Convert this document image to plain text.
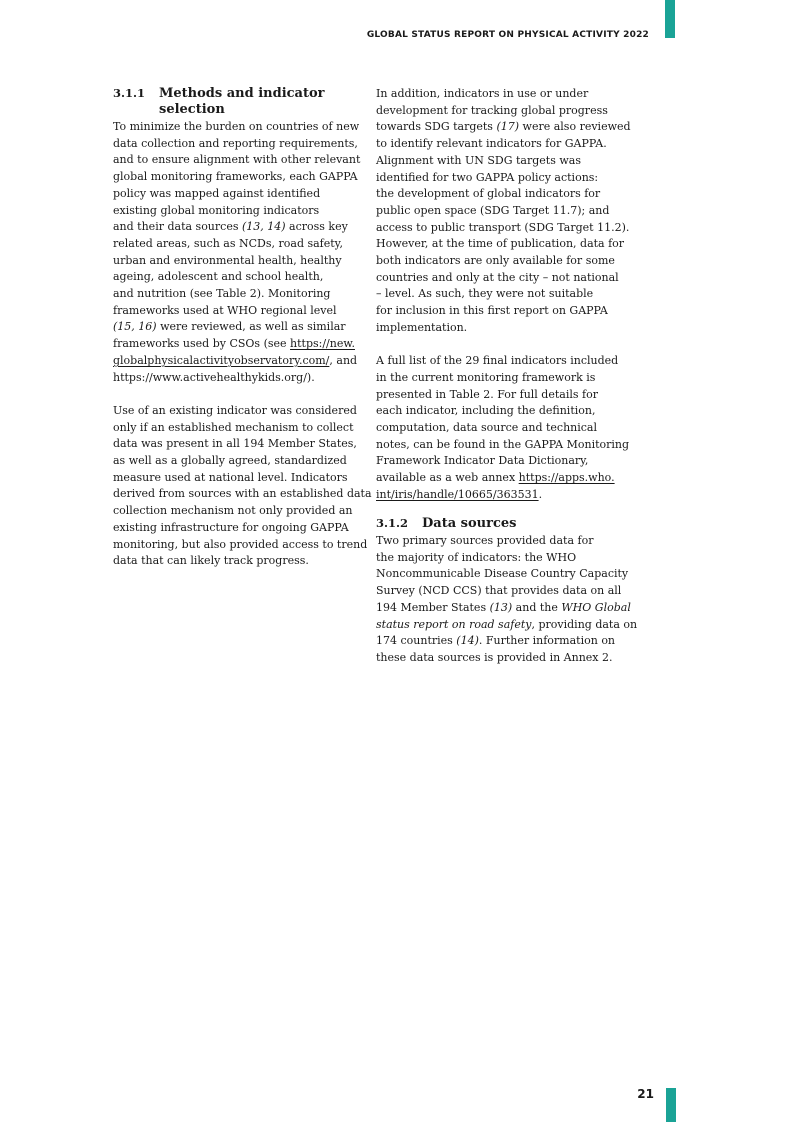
GLOBAL STATUS REPORT ON PHYSICAL ACTIVITY 2022
3.1.1	Methods and indicator
selection

To minimize the burden on countries of new
data collection and reporting requirements,
and to ensure alignment with other relevant
global monitoring frameworks, each GAPPA
policy was mapped against identified
existing global monitoring indicators
and their data sources (13, 14) across key
related areas, such as NCDs, road safety,
urban and environmental health, healthy
ageing, adolescent and school health,
and nutrition (see Table 2). Monitoring
frameworks used at WHO regional level
(15, 16) were reviewed, as well as similar
frameworks used by CSOs (see https://new.
globalphysicalactivityobservatory.com/, and
https://www.activehealthykids.org/).

Use of an existing indicator was considered
only if an established mechanism to collect
data was present in all 194 Member States,
as well as a globally agreed, standardized
measure used at national level. Indicators
derived from sources with an established data
collection mechanism not only provided an
existing infrastructure for ongoing GAPPA
monitoring, but also provided access to trend
data that can likely track progress.

In addition, indicators in use or under
development for tracking global progress
towards SDG targets (17) were also reviewed
to identify relevant indicators for GAPPA.
Alignment with UN SDG targets was
identified for two GAPPA policy actions:
the development of global indicators for
public open space (SDG Target 11.7); and
access to public transport (SDG Target 11.2).
However, at the time of publication, data for
both indicators are only available for some
countries and only at the city – not national
– level. As such, they were not suitable
for inclusion in this first report on GAPPA
implementation.

A full list of the 29 final indicators included
in the current monitoring framework is
presented in Table 2. For full details for
each indicator, including the definition,
computation, data source and technical
notes, can be found in the GAPPA Monitoring
Framework Indicator Data Dictionary,
available as a web annex https://apps.who.
int/iris/handle/10665/363531.

3.1.2	Data sources

Two primary sources provided data for
the majority of indicators: the WHO
Noncommunicable Disease Country Capacity
Survey (NCD CCS) that provides data on all
194 Member States (13) and the WHO Global
status report on road safety, providing data on
174 countries (14). Further information on
these data sources is provided in Annex 2.

21
